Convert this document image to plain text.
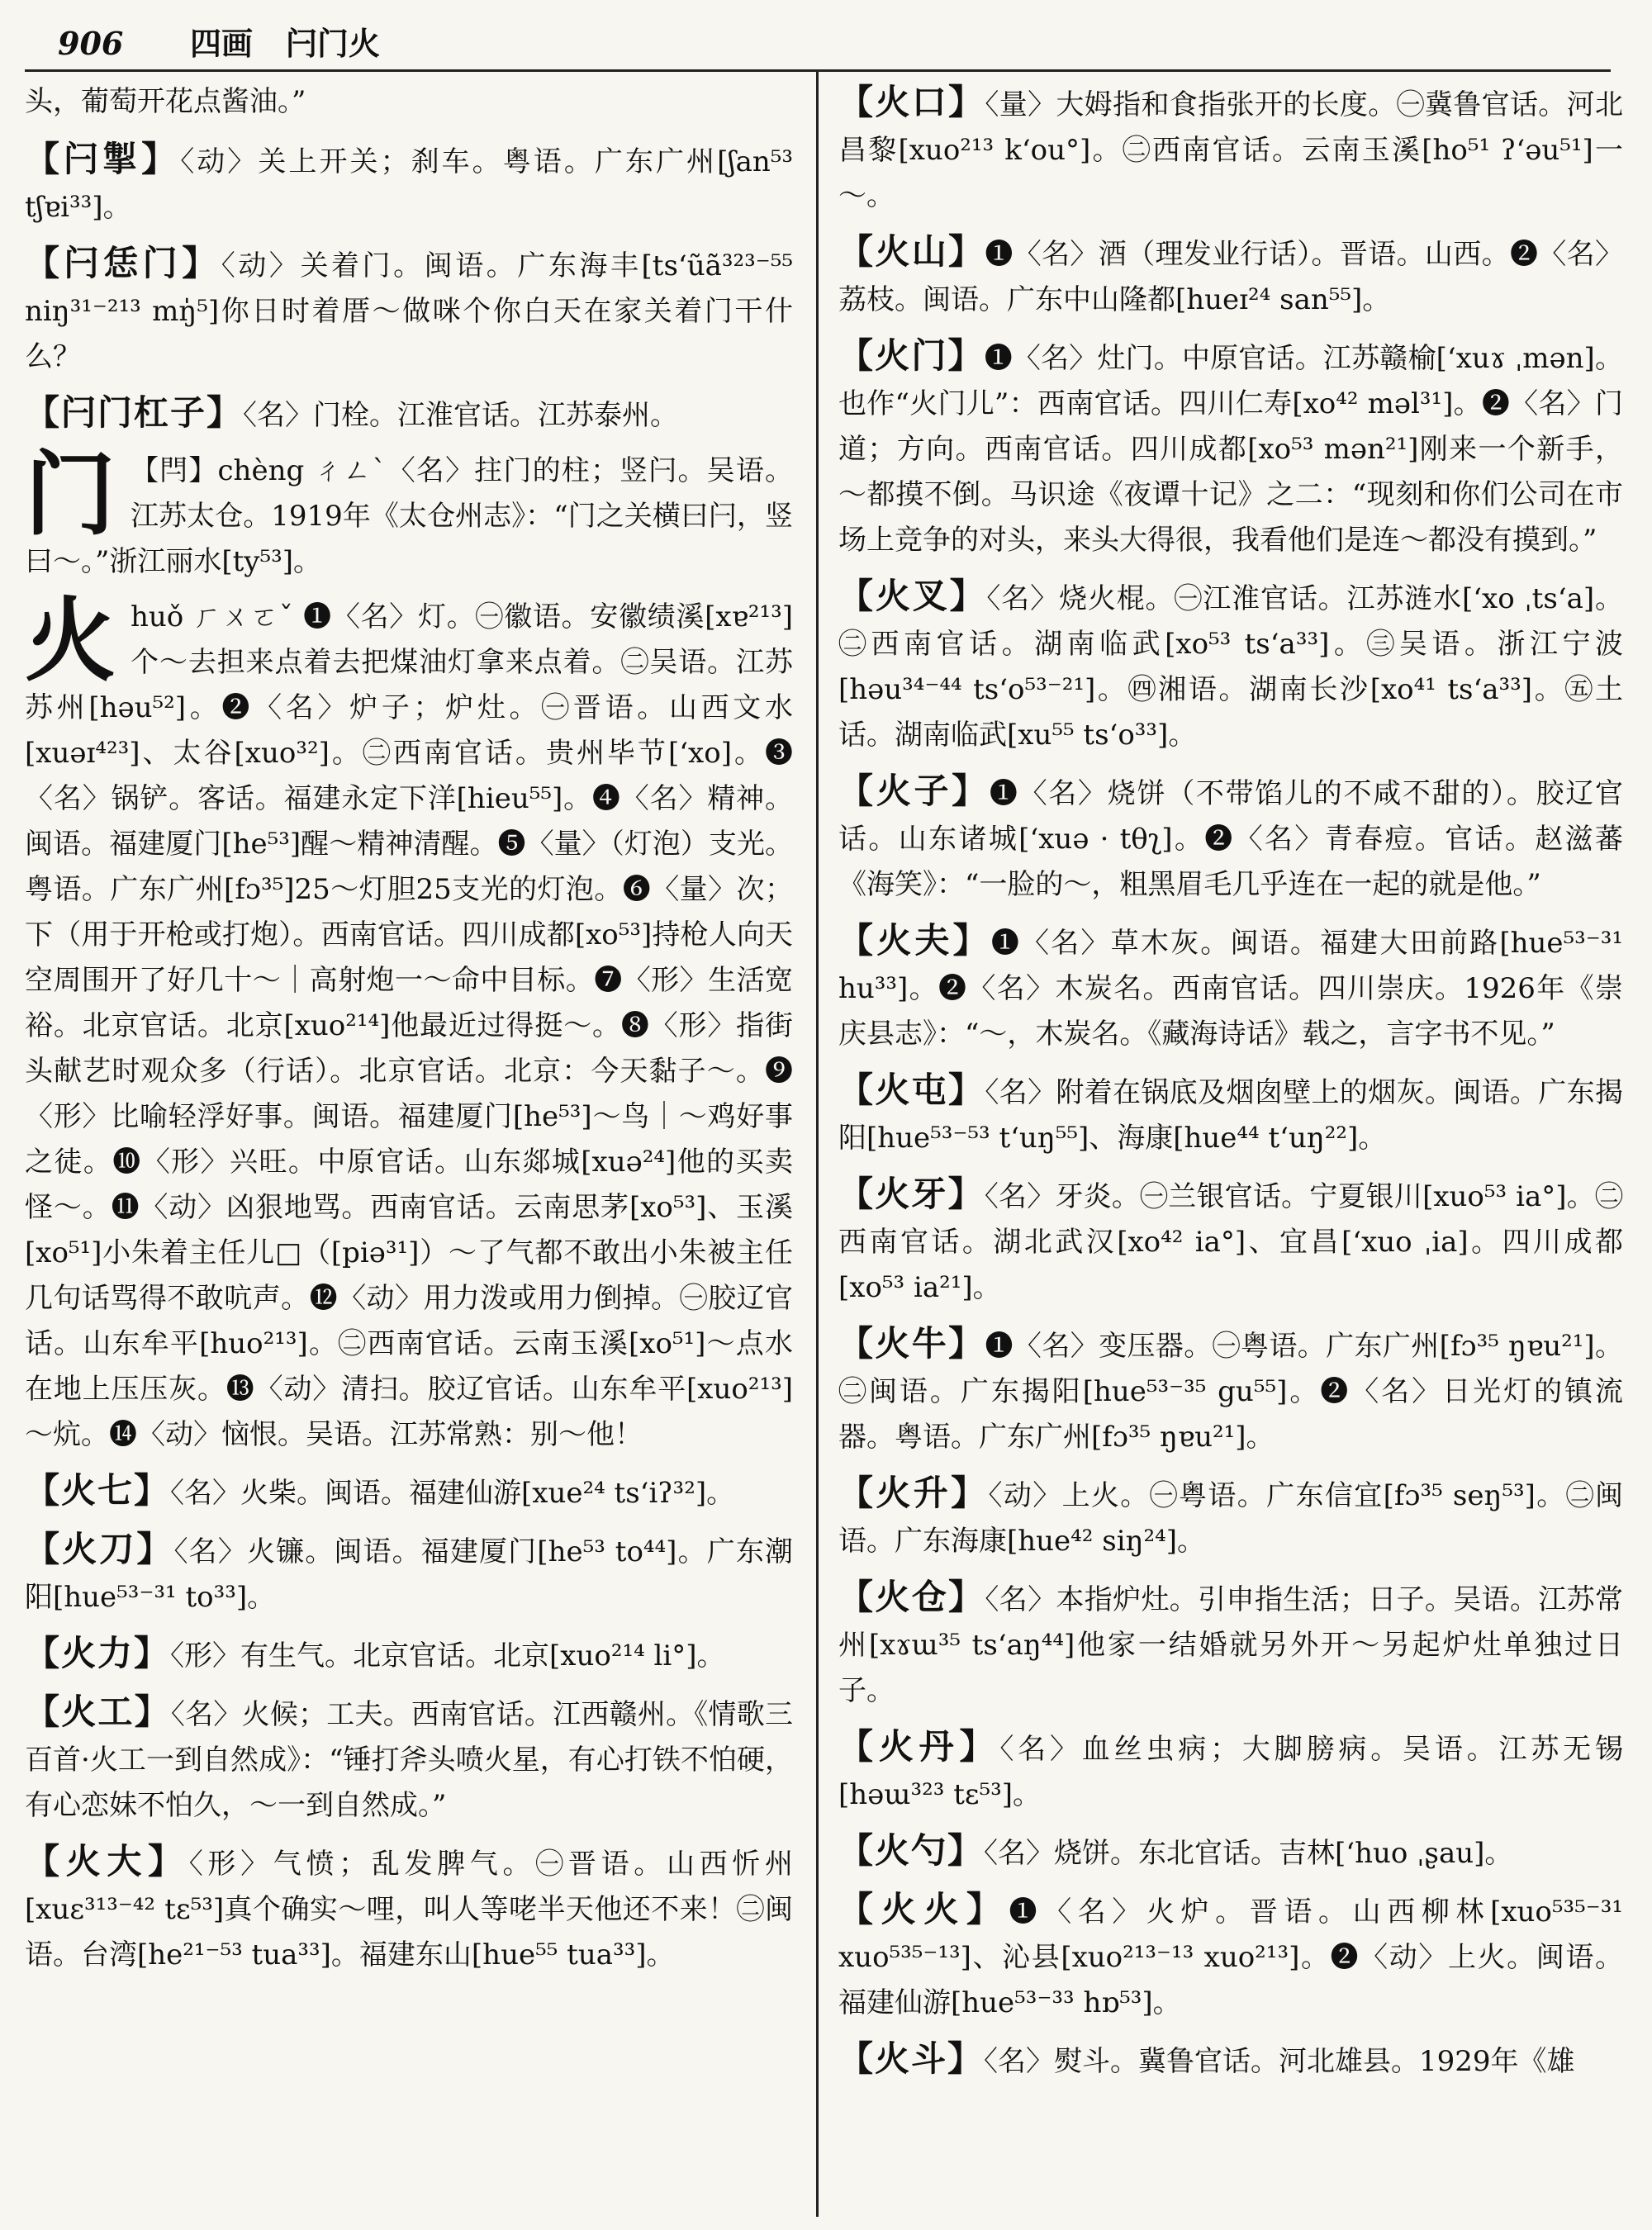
906	四画 闩门火

头，葡萄开花点酱油。”

【闩掣】〈动〉关上开关；刹车。粤语。广东广州[ʃan⁵³ tʃɐi³³]。

【闩恁门】〈动〉关着门。闽语。广东海丰[ts‘ũã³²³⁻⁵⁵ niŋ³¹⁻²¹³ mŋ̍⁵]你日时着厝～做咪个你白天在家关着门干什么？

【闩门杠子】〈名〉门栓。江淮官话。江苏泰州。

门 【閂】chèng ㄔㄥˋ〈名〉拄门的柱；竖闩。吴语。江苏太仓。1919年《太仓州志》：“门之关横曰闩，竖曰～。”浙江丽水[ty⁵³]。

火huǒ ㄏㄨㄛˇ ❶〈名〉灯。㊀徽语。安徽绩溪[xɐ²¹³]个～去担来点着去把煤油灯拿来点着。㊁吴语。江苏苏州[həu⁵²]。❷〈名〉炉子；炉灶。㊀晋语。山西文水[xuəɪ⁴²³]、太谷[xuo³²]。㊁西南官话。贵州毕节[‘xo]。❸〈名〉锅铲。客话。福建永定下洋[hieu⁵⁵]。❹〈名〉精神。闽语。福建厦门[he⁵³]醒～精神清醒。❺〈量〉（灯泡）支光。粤语。广东广州[fɔ³⁵]25～灯胆25支光的灯泡。❻〈量〉次；下（用于开枪或打炮）。西南官话。四川成都[xo⁵³]持枪人向天空周围开了好几十～｜高射炮一～命中目标。❼〈形〉生活宽裕。北京官话。北京[xuo²¹⁴]他最近过得挺～。❽〈形〉指街头献艺时观众多（行话）。北京官话。北京：今天黏子～。❾〈形〉比喻轻浮好事。闽语。福建厦门[he⁵³]～鸟｜～鸡好事之徒。❿〈形〉兴旺。中原官话。山东郯城[xuə²⁴]他的买卖怪～。⓫〈动〉凶狠地骂。西南官话。云南思茅[xo⁵³]、玉溪[xo⁵¹]小朱着主任儿□（[piə³¹]）～了气都不敢出小朱被主任几句话骂得不敢吭声。⓬〈动〉用力泼或用力倒掉。㊀胶辽官话。山东牟平[huo²¹³]。㊁西南官话。云南玉溪[xo⁵¹]～点水在地上压压灰。⓭〈动〉清扫。胶辽官话。山东牟平[xuo²¹³]～炕。⓮〈动〉恼恨。吴语。江苏常熟：别～他！

【火七】〈名〉火柴。闽语。福建仙游[xue²⁴ ts‘iʔ³²]。

【火刀】〈名〉火镰。闽语。福建厦门[he⁵³ to⁴⁴]。广东潮阳[hue⁵³⁻³¹ to³³]。

【火力】〈形〉有生气。北京官话。北京[xuo²¹⁴ li°]。

【火工】〈名〉火候；工夫。西南官话。江西赣州。《情歌三百首·火工一到自然成》：“锤打斧头喷火星，有心打铁不怕硬，有心恋妹不怕久，～一到自然成。”

【火大】〈形〉气愤；乱发脾气。㊀晋语。山西忻州[xuɛ³¹³⁻⁴² tɛ⁵³]真个确实～哩，叫人等咾半天他还不来！㊁闽语。台湾[he²¹⁻⁵³ tua³³]。福建东山[hue⁵⁵ tua³³]。

【火口】〈量〉大姆指和食指张开的长度。㊀冀鲁官话。河北昌黎[xuo²¹³ k‘ou°]。㊁西南官话。云南玉溪[ho⁵¹ ʔ‘əu⁵¹]一～。

【火山】❶〈名〉酒（理发业行话）。晋语。山西。❷〈名〉荔枝。闽语。广东中山隆都[hueɪ²⁴ san⁵⁵]。

【火门】❶〈名〉灶门。中原官话。江苏赣榆[‘xuɤ ˌmən]。也作“火门儿”：西南官话。四川仁寿[xo⁴² məl³¹]。❷〈名〉门道；方向。西南官话。四川成都[xo⁵³ mən²¹]刚来一个新手，～都摸不倒。马识途《夜谭十记》之二：“现刻和你们公司在市场上竞争的对头，来头大得很，我看他们是连～都没有摸到。”

【火叉】〈名〉烧火棍。㊀江淮官话。江苏涟水[‘xo ˌts‘a]。㊁西南官话。湖南临武[xo⁵³ ts‘a³³]。㊂吴语。浙江宁波[həu³⁴⁻⁴⁴ ts‘o⁵³⁻²¹]。㊃湘语。湖南长沙[xo⁴¹ ts‘a³³]。㊄土话。湖南临武[xu⁵⁵ ts‘o³³]。

【火子】❶〈名〉烧饼（不带馅儿的不咸不甜的）。胶辽官话。山东诸城[‘xuə · tθʅ]。❷〈名〉青春痘。官话。赵滋蕃《海笑》：“一脸的～，粗黑眉毛几乎连在一起的就是他。”

【火夫】❶〈名〉草木灰。闽语。福建大田前路[hue⁵³⁻³¹ hu³³]。❷〈名〉木炭名。西南官话。四川崇庆。1926年《崇庆县志》：“～，木炭名。《藏海诗话》载之，言字书不见。”

【火屯】〈名〉附着在锅底及烟囱壁上的烟灰。闽语。广东揭阳[hue⁵³⁻⁵³ t‘uŋ⁵⁵]、海康[hue⁴⁴ t‘uŋ²²]。

【火牙】〈名〉牙炎。㊀兰银官话。宁夏银川[xuo⁵³ ia°]。㊁西南官话。湖北武汉[xo⁴² ia°]、宜昌[‘xuo ˌia]。四川成都[xo⁵³ ia²¹]。

【火牛】❶〈名〉变压器。㊀粤语。广东广州[fɔ³⁵ ŋɐu²¹]。㊁闽语。广东揭阳[hue⁵³⁻³⁵ gu⁵⁵]。❷〈名〉日光灯的镇流器。粤语。广东广州[fɔ³⁵ ŋɐu²¹]。

【火升】〈动〉上火。㊀粤语。广东信宜[fɔ³⁵ seŋ⁵³]。㊁闽语。广东海康[hue⁴² siŋ²⁴]。

【火仓】〈名〉本指炉灶。引申指生活；日子。吴语。江苏常州[xɤɯ³⁵ ts‘aŋ⁴⁴]他家一结婚就另外开～另起炉灶单独过日子。

【火丹】〈名〉血丝虫病；大脚膀病。吴语。江苏无锡[həɯ³²³ tɛ⁵³]。

【火勺】〈名〉烧饼。东北官话。吉林[‘huo ˌʂau]。

【火火】❶〈名〉火炉。晋语。山西柳林[xuo⁵³⁵⁻³¹ xuo⁵³⁵⁻¹³]、沁县[xuo²¹³⁻¹³ xuo²¹³]。❷〈动〉上火。闽语。福建仙游[hue⁵³⁻³³ hɒ⁵³]。

【火斗】〈名〉熨斗。冀鲁官话。河北雄县。1929年《雄
